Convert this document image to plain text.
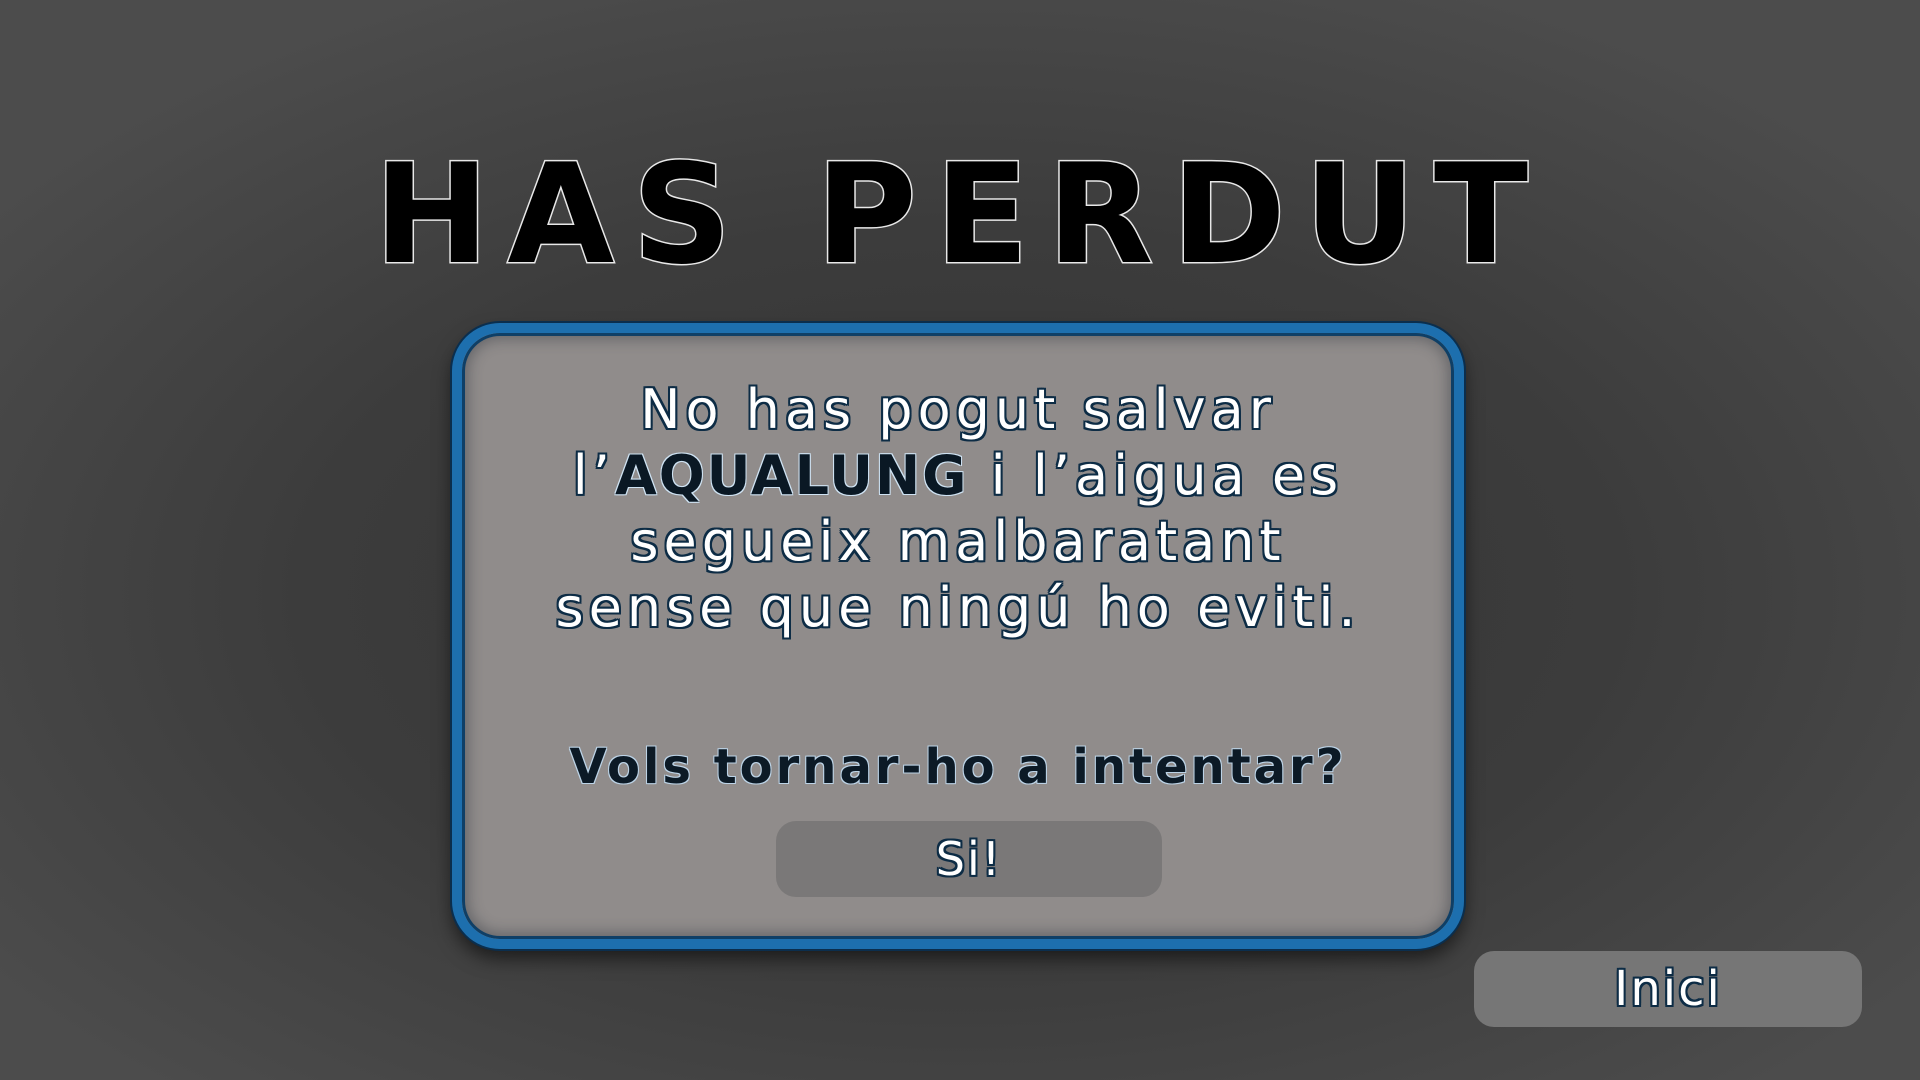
HAS PERDUT
No has pogut salvar
l’AQUALUNG i l’aigua es
segueix malbaratant
sense que ningú ho eviti.
Vols tornar-ho a intentar?
Si!
Inici
